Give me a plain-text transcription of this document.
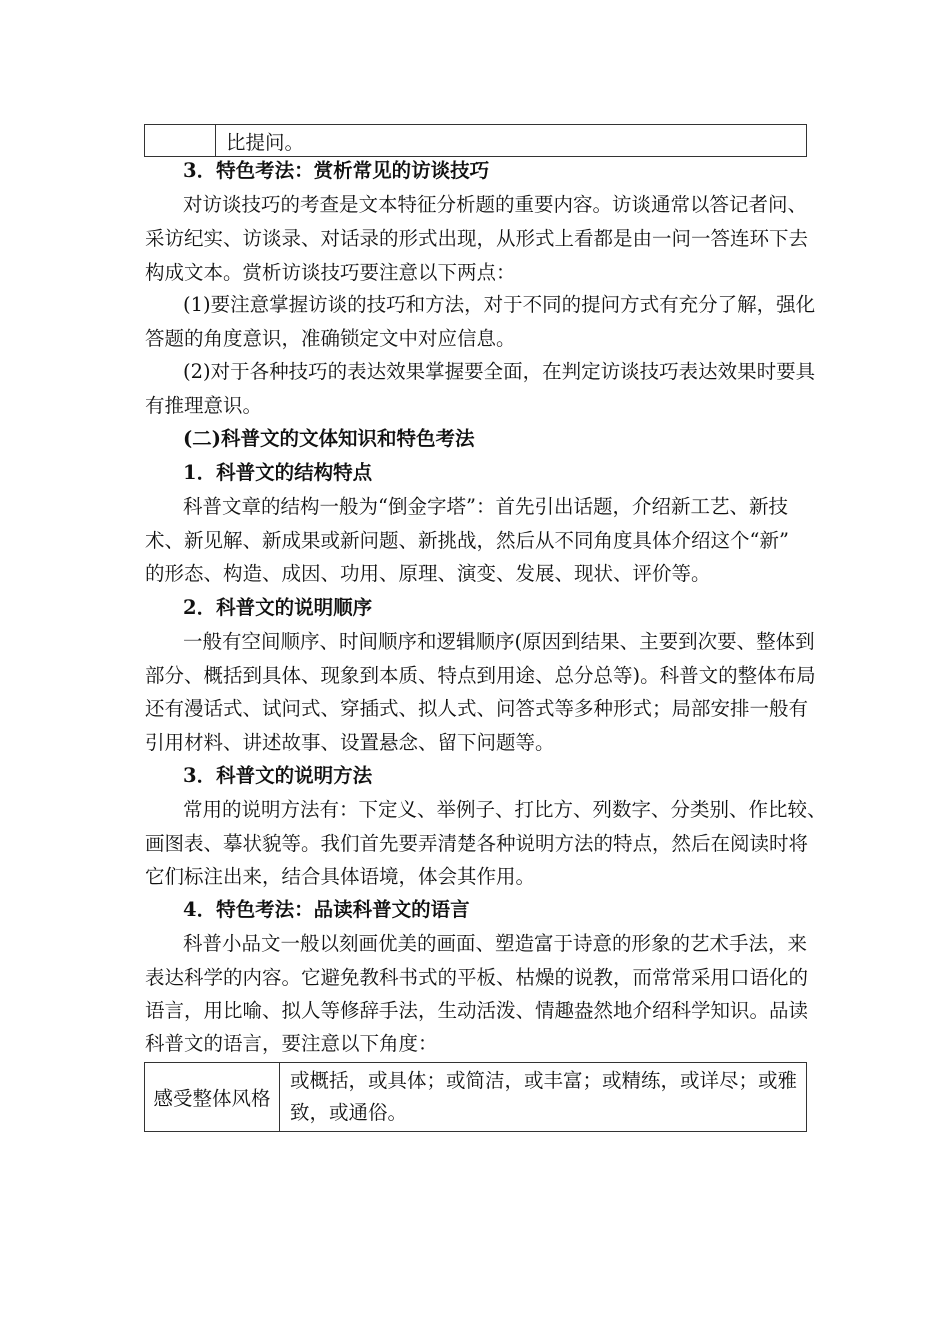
	比提问。
3．特色考法：赏析常见的访谈技巧
对访谈技巧的考查是文本特征分析题的重要内容。访谈通常以答记者问、
采访纪实、访谈录、对话录的形式出现，从形式上看都是由一问一答连环下去
构成文本。赏析访谈技巧要注意以下两点：
(1)要注意掌握访谈的技巧和方法，对于不同的提问方式有充分了解，强化
答题的角度意识，准确锁定文中对应信息。
(2)对于各种技巧的表达效果掌握要全面，在判定访谈技巧表达效果时要具
有推理意识。
(二)科普文的文体知识和特色考法
1．科普文的结构特点
科普文章的结构一般为“倒金字塔”：首先引出话题，介绍新工艺、新技
术、新见解、新成果或新问题、新挑战，然后从不同角度具体介绍这个“新”
的形态、构造、成因、功用、原理、演变、发展、现状、评价等。
2．科普文的说明顺序
一般有空间顺序、时间顺序和逻辑顺序(原因到结果、主要到次要、整体到
部分、概括到具体、现象到本质、特点到用途、总分总等)。科普文的整体布局
还有漫话式、试问式、穿插式、拟人式、问答式等多种形式；局部安排一般有
引用材料、讲述故事、设置悬念、留下问题等。
3．科普文的说明方法
常用的说明方法有：下定义、举例子、打比方、列数字、分类别、作比较、
画图表、摹状貌等。我们首先要弄清楚各种说明方法的特点，然后在阅读时将
它们标注出来，结合具体语境，体会其作用。
4．特色考法：品读科普文的语言
科普小品文一般以刻画优美的画面、塑造富于诗意的形象的艺术手法，来
表达科学的内容。它避免教科书式的平板、枯燥的说教，而常常采用口语化的
语言，用比喻、拟人等修辞手法，生动活泼、情趣盎然地介绍科学知识。品读
科普文的语言，要注意以下角度：
感受整体风格	或概括，或具体；或简洁，或丰富；或精练，或详尽；或雅致，或通俗。
